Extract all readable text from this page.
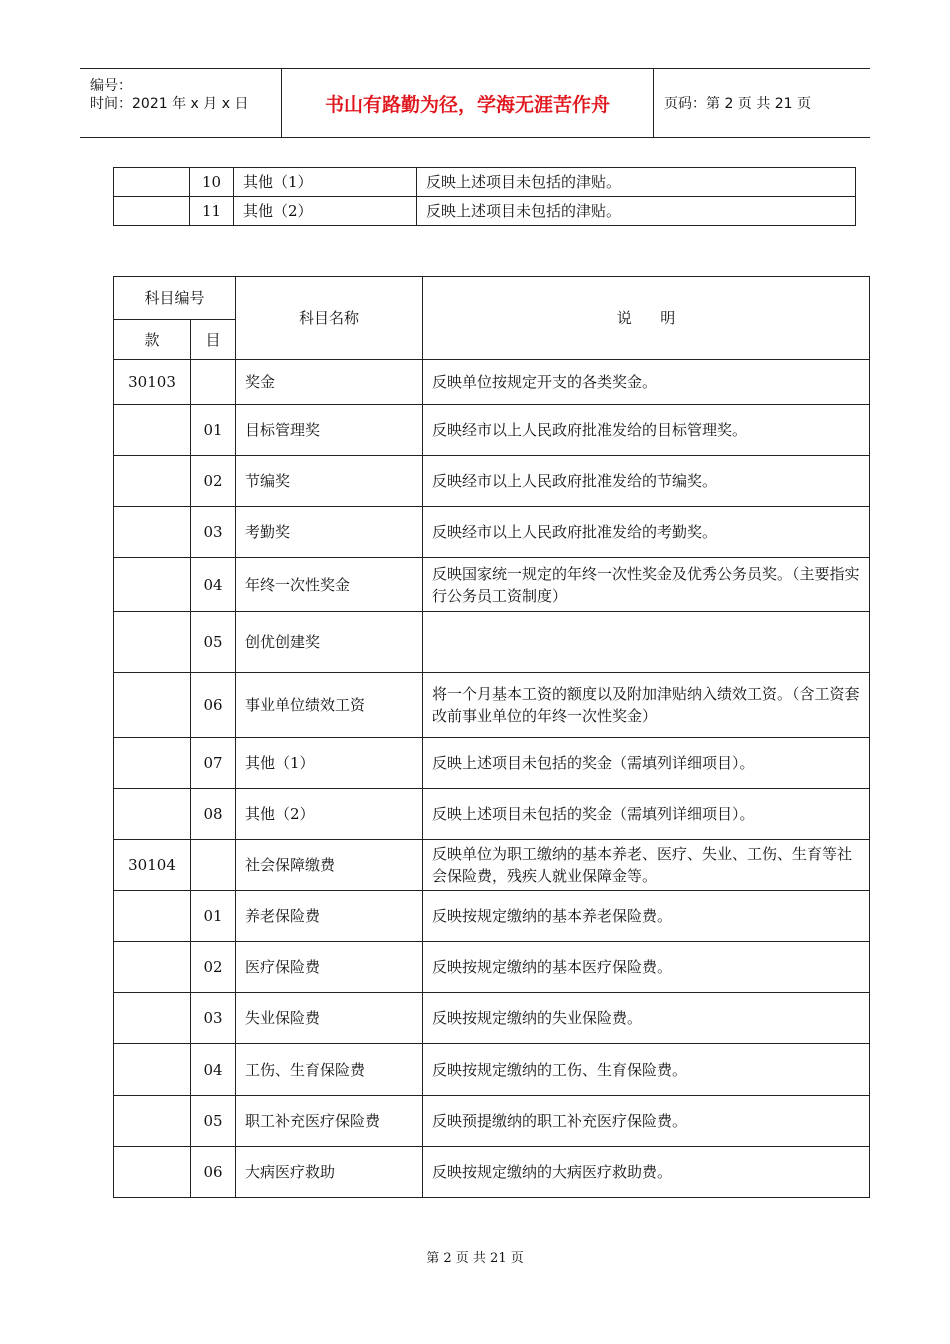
编号：
时间：2021 年 x 月 x 日	书山有路勤为径，学海无涯苦作舟	页码：第 2 页 共 21 页
	10	其他（1）	反映上述项目未包括的津贴。
	11	其他（2）	反映上述项目未包括的津贴。
科目编号		科目名称	说      明
款	目		
30103		奖金	反映单位按规定开支的各类奖金。
	01	目标管理奖	反映经市以上人民政府批准发给的目标管理奖。
	02	节编奖	反映经市以上人民政府批准发给的节编奖。
	03	考勤奖	反映经市以上人民政府批准发给的考勤奖。
	04	年终一次性奖金	反映国家统一规定的年终一次性奖金及优秀公务员奖。（主要指实行公务员工资制度）
	05	创优创建奖	
	06	事业单位绩效工资	将一个月基本工资的额度以及附加津贴纳入绩效工资。（含工资套改前事业单位的年终一次性奖金）
	07	其他（1）	反映上述项目未包括的奖金（需填列详细项目）。
	08	其他（2）	反映上述项目未包括的奖金（需填列详细项目）。
30104		社会保障缴费	反映单位为职工缴纳的基本养老、医疗、失业、工伤、生育等社会保险费，残疾人就业保障金等。
	01	养老保险费	反映按规定缴纳的基本养老保险费。
	02	医疗保险费	反映按规定缴纳的基本医疗保险费。
	03	失业保险费	反映按规定缴纳的失业保险费。
	04	工伤、生育保险费	反映按规定缴纳的工伤、生育保险费。
	05	职工补充医疗保险费	反映预提缴纳的职工补充医疗保险费。
	06	大病医疗救助	反映按规定缴纳的大病医疗救助费。
第 2 页 共 21 页
